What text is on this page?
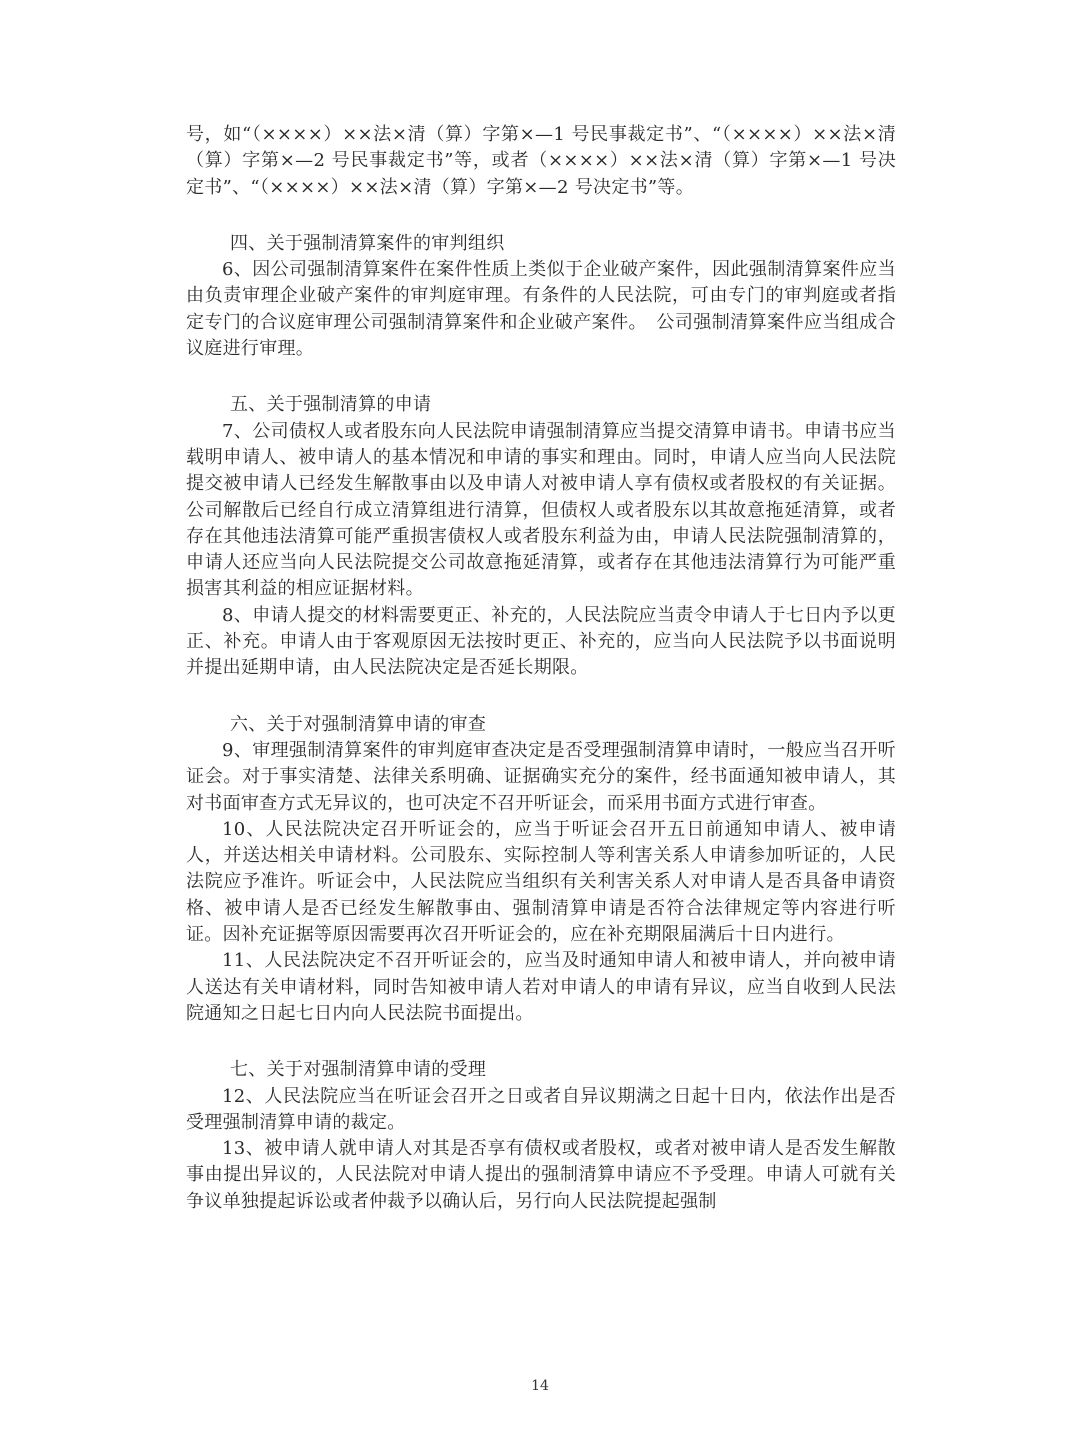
号，如“（××××）××法×清（算）字第×—1 号民事裁定书”、“（××××）××法×清（算）字第×—2 号民事裁定书”等，或者（××××）××法×清（算）字第×—1 号决定书”、“（××××）××法×清（算）字第×—2 号决定书”等。

四、关于强制清算案件的审判组织

6、因公司强制清算案件在案件性质上类似于企业破产案件，因此强制清算案件应当由负责审理企业破产案件的审判庭审理。有条件的人民法院，可由专门的审判庭或者指定专门的合议庭审理公司强制清算案件和企业破产案件。　公司强制清算案件应当组成合议庭进行审理。

五、关于强制清算的申请

7、公司债权人或者股东向人民法院申请强制清算应当提交清算申请书。申请书应当载明申请人、被申请人的基本情况和申请的事实和理由。同时，申请人应当向人民法院提交被申请人已经发生解散事由以及申请人对被申请人享有债权或者股权的有关证据。公司解散后已经自行成立清算组进行清算，但债权人或者股东以其故意拖延清算，或者存在其他违法清算可能严重损害债权人或者股东利益为由，申请人民法院强制清算的，申请人还应当向人民法院提交公司故意拖延清算，或者存在其他违法清算行为可能严重损害其利益的相应证据材料。

8、申请人提交的材料需要更正、补充的，人民法院应当责令申请人于七日内予以更正、补充。申请人由于客观原因无法按时更正、补充的，应当向人民法院予以书面说明并提出延期申请，由人民法院决定是否延长期限。

六、关于对强制清算申请的审查

9、审理强制清算案件的审判庭审查决定是否受理强制清算申请时，一般应当召开听证会。对于事实清楚、法律关系明确、证据确实充分的案件，经书面通知被申请人，其对书面审查方式无异议的，也可决定不召开听证会，而采用书面方式进行审查。

10、人民法院决定召开听证会的，应当于听证会召开五日前通知申请人、被申请人，并送达相关申请材料。公司股东、实际控制人等利害关系人申请参加听证的，人民法院应予准许。听证会中，人民法院应当组织有关利害关系人对申请人是否具备申请资格、被申请人是否已经发生解散事由、强制清算申请是否符合法律规定等内容进行听证。因补充证据等原因需要再次召开听证会的，应在补充期限届满后十日内进行。

11、人民法院决定不召开听证会的，应当及时通知申请人和被申请人，并向被申请人送达有关申请材料，同时告知被申请人若对申请人的申请有异议，应当自收到人民法院通知之日起七日内向人民法院书面提出。

七、关于对强制清算申请的受理

12、人民法院应当在听证会召开之日或者自异议期满之日起十日内，依法作出是否受理强制清算申请的裁定。

13、被申请人就申请人对其是否享有债权或者股权，或者对被申请人是否发生解散事由提出异议的，人民法院对申请人提出的强制清算申请应不予受理。申请人可就有关争议单独提起诉讼或者仲裁予以确认后，另行向人民法院提起强制

14
